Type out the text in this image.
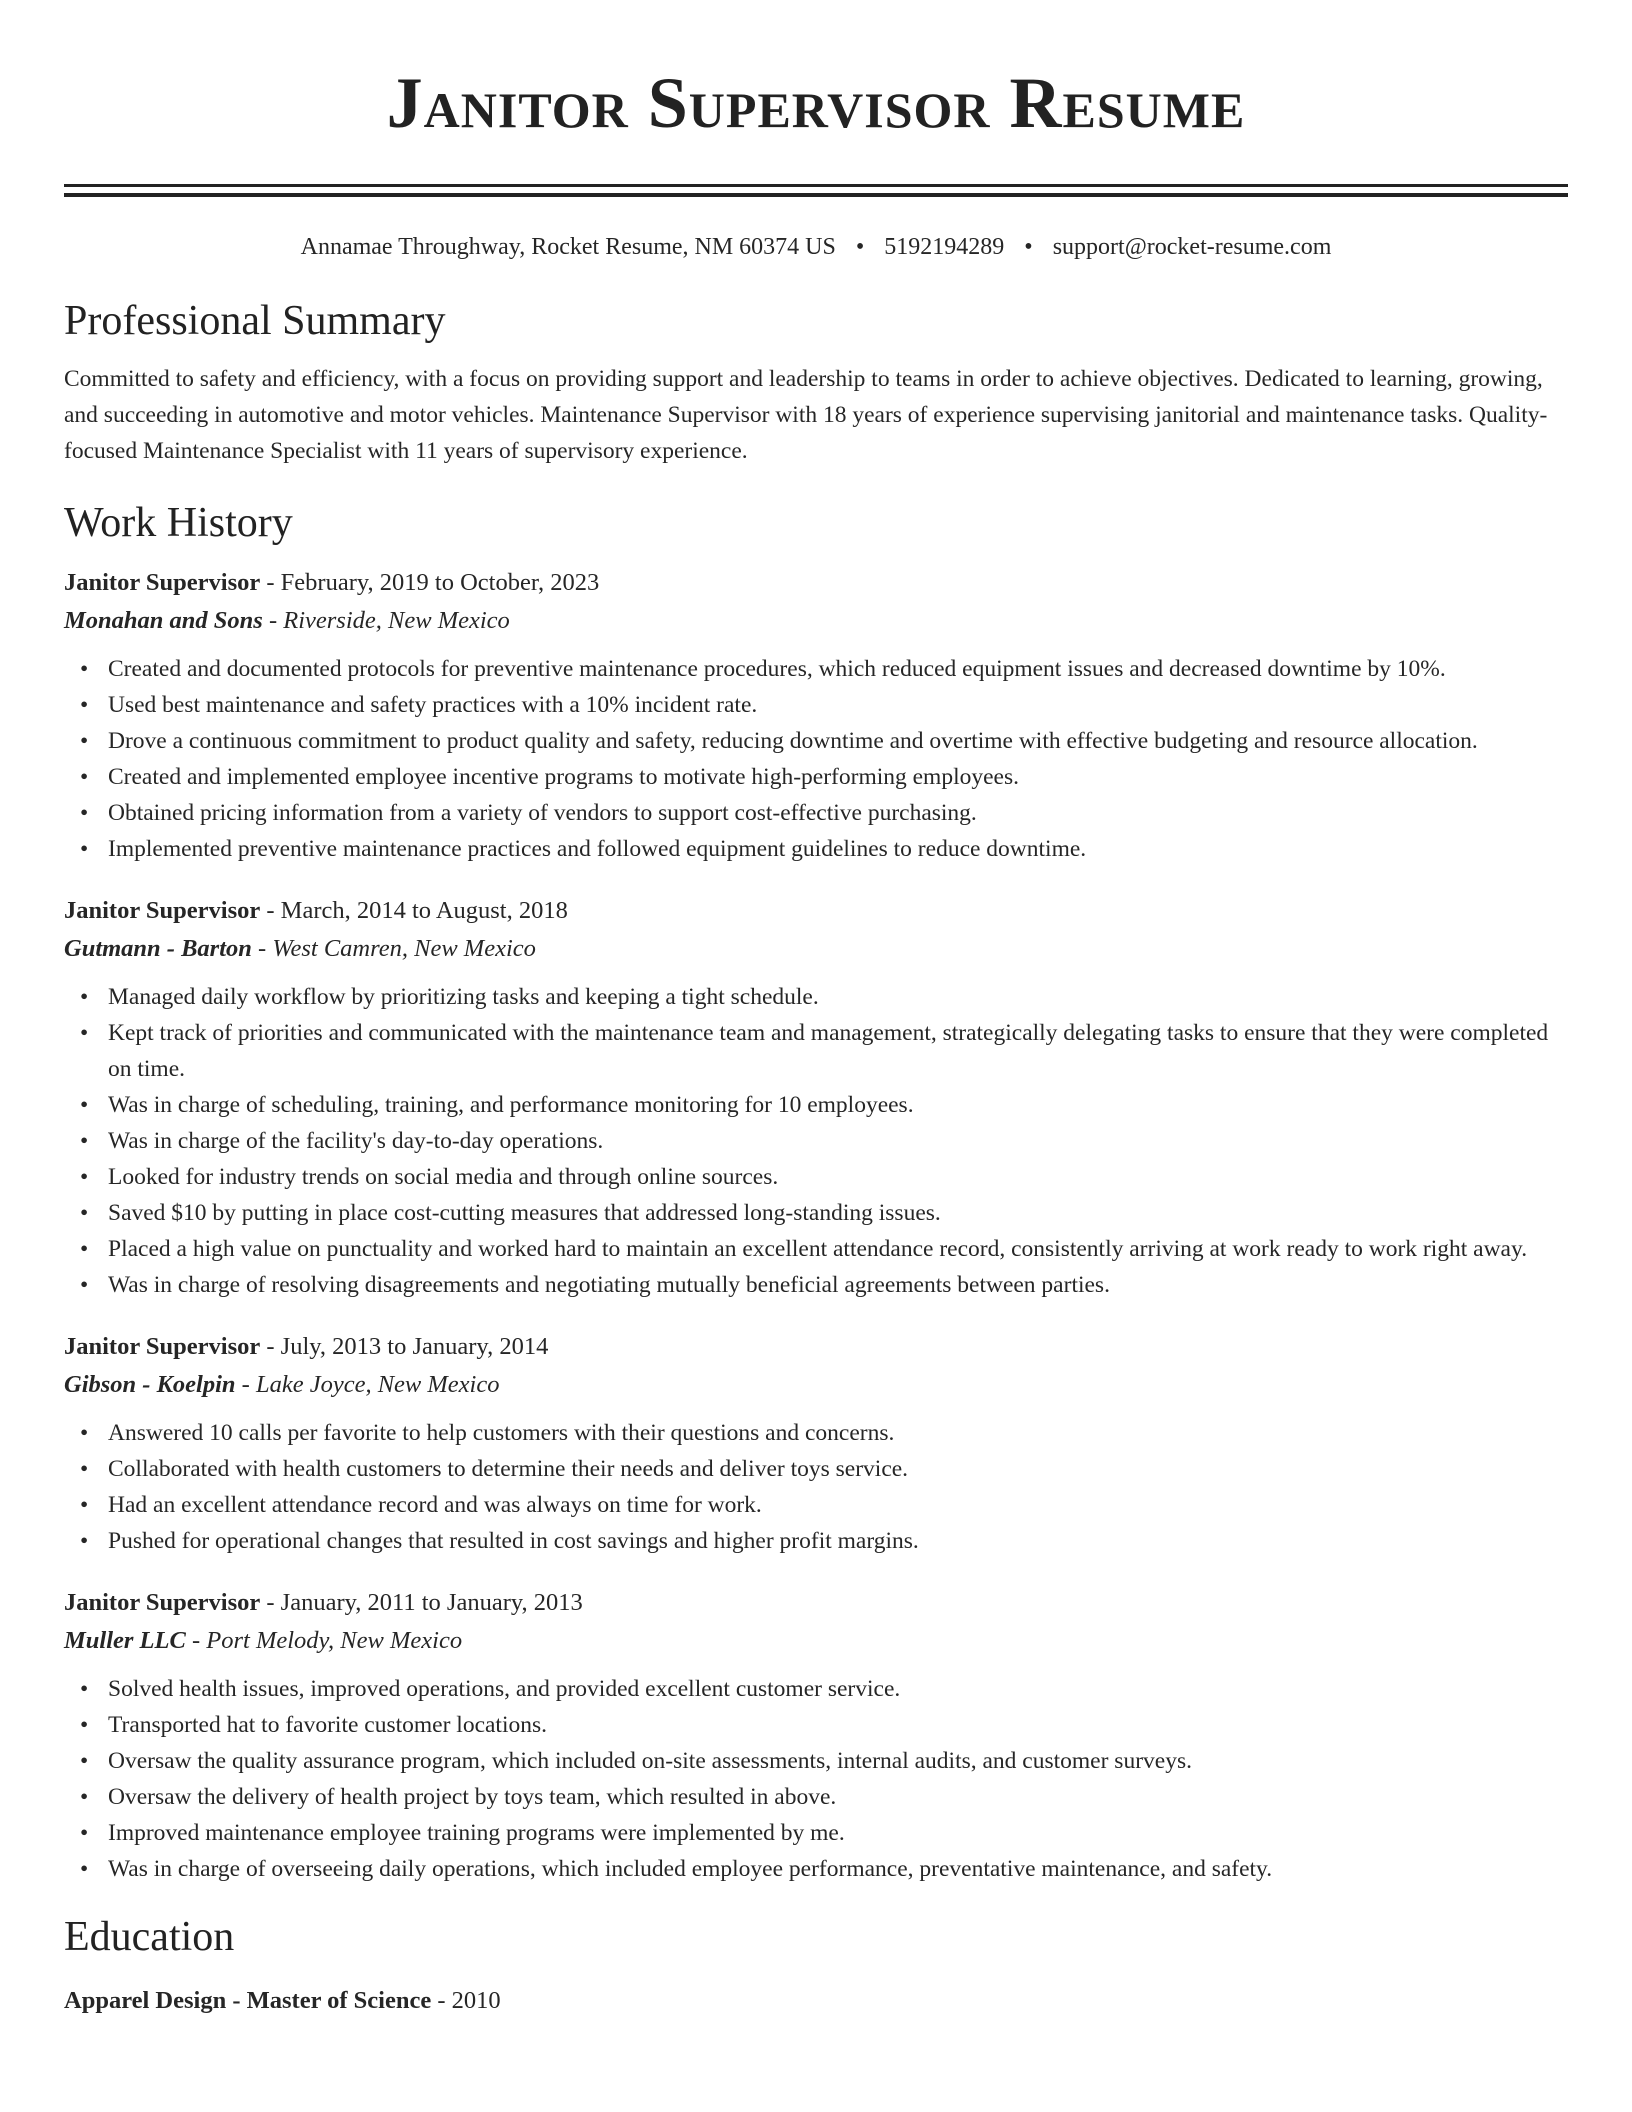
Janitor Supervisor Resume
Annamae Throughway, Rocket Resume, NM 60374 US • 5192194289 • support@rocket-resume.com
Professional Summary
Committed to safety and efficiency, with a focus on providing support and leadership to teams in order to achieve objectives. Dedicated to learning, growing, and succeeding in automotive and motor vehicles. Maintenance Supervisor with 18 years of experience supervising janitorial and maintenance tasks. Quality-focused Maintenance Specialist with 11 years of supervisory experience.
Work History
Janitor Supervisor - February, 2019 to October, 2023
Monahan and Sons - Riverside, New Mexico
• Created and documented protocols for preventive maintenance procedures, which reduced equipment issues and decreased downtime by 10%.
• Used best maintenance and safety practices with a 10% incident rate.
• Drove a continuous commitment to product quality and safety, reducing downtime and overtime with effective budgeting and resource allocation.
• Created and implemented employee incentive programs to motivate high-performing employees.
• Obtained pricing information from a variety of vendors to support cost-effective purchasing.
• Implemented preventive maintenance practices and followed equipment guidelines to reduce downtime.
Janitor Supervisor - March, 2014 to August, 2018
Gutmann - Barton - West Camren, New Mexico
• Managed daily workflow by prioritizing tasks and keeping a tight schedule.
• Kept track of priorities and communicated with the maintenance team and management, strategically delegating tasks to ensure that they were completed on time.
• Was in charge of scheduling, training, and performance monitoring for 10 employees.
• Was in charge of the facility's day-to-day operations.
• Looked for industry trends on social media and through online sources.
• Saved $10 by putting in place cost-cutting measures that addressed long-standing issues.
• Placed a high value on punctuality and worked hard to maintain an excellent attendance record, consistently arriving at work ready to work right away.
• Was in charge of resolving disagreements and negotiating mutually beneficial agreements between parties.
Janitor Supervisor - July, 2013 to January, 2014
Gibson - Koelpin - Lake Joyce, New Mexico
• Answered 10 calls per favorite to help customers with their questions and concerns.
• Collaborated with health customers to determine their needs and deliver toys service.
• Had an excellent attendance record and was always on time for work.
• Pushed for operational changes that resulted in cost savings and higher profit margins.
Janitor Supervisor - January, 2011 to January, 2013
Muller LLC - Port Melody, New Mexico
• Solved health issues, improved operations, and provided excellent customer service.
• Transported hat to favorite customer locations.
• Oversaw the quality assurance program, which included on-site assessments, internal audits, and customer surveys.
• Oversaw the delivery of health project by toys team, which resulted in above.
• Improved maintenance employee training programs were implemented by me.
• Was in charge of overseeing daily operations, which included employee performance, preventative maintenance, and safety.
Education
Apparel Design - Master of Science - 2010
